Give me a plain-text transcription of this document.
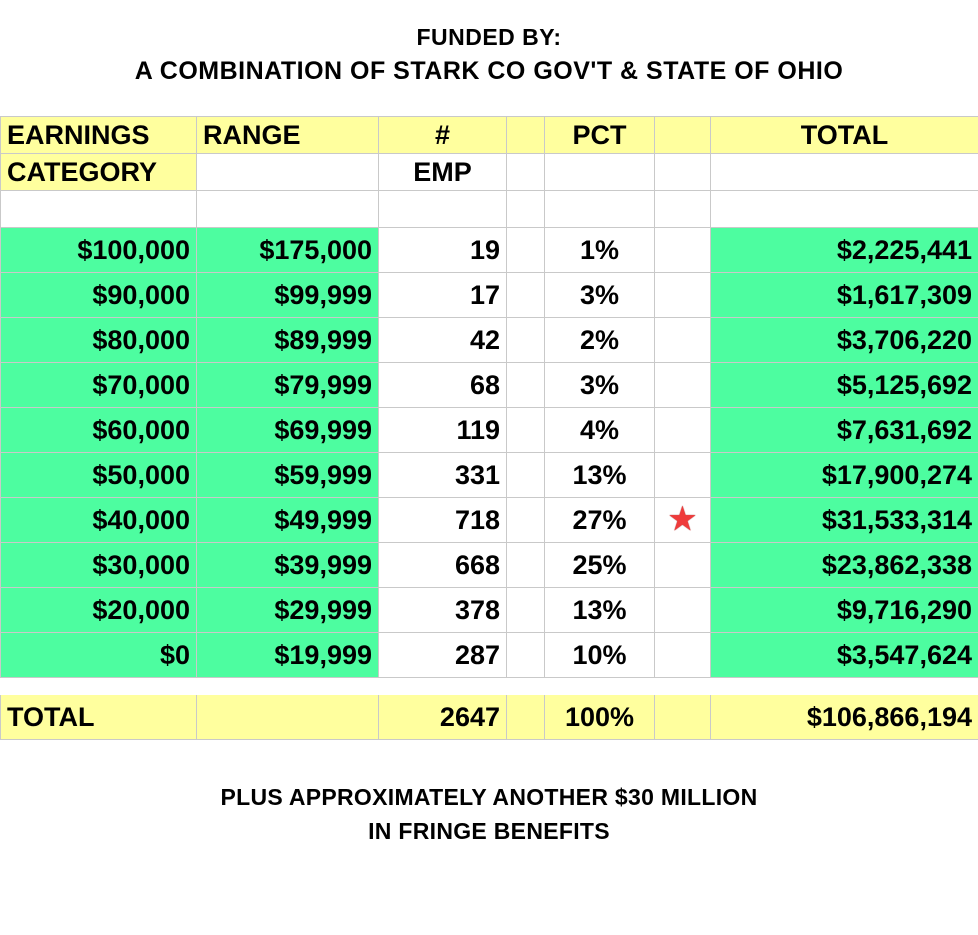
FUNDED BY:
A COMBINATION OF STARK CO GOV'T & STATE OF OHIO
EARNINGS	RANGE	#		PCT		TOTAL
CATEGORY		EMP				

$100,000	$175,000	19		1%		$2,225,441
$90,000	$99,999	17		3%		$1,617,309
$80,000	$89,999	42		2%		$3,706,220
$70,000	$79,999	68		3%		$5,125,692
$60,000	$69,999	119		4%		$7,631,692
$50,000	$59,999	331		13%		$17,900,274
$40,000	$49,999	718		27%	★	$31,533,314
$30,000	$39,999	668		25%		$23,862,338
$20,000	$29,999	378		13%		$9,716,290
$0	$19,999	287		10%		$3,547,624

TOTAL		2647		100%		$106,866,194
PLUS APPROXIMATELY ANOTHER $30 MILLION
IN FRINGE BENEFITS
